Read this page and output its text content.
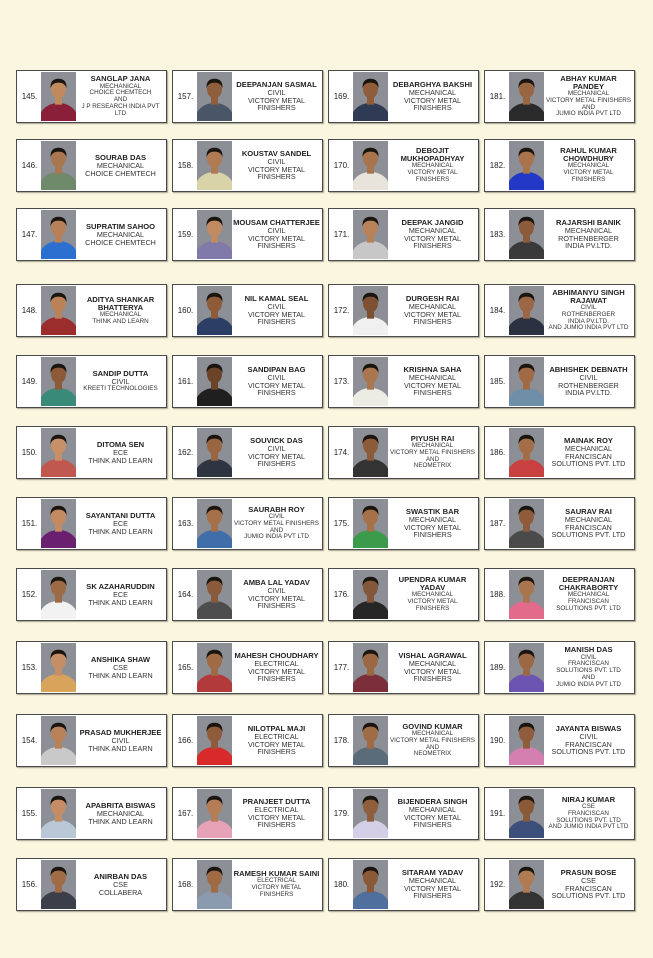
145.
SANGLAP JANA
MECHANICAL
CHOICE CHEMTECH
AND
J P RESEARCH INDIA PVT LTD
146.
SOURAB DAS
MECHANICAL
CHOICE CHEMTECH
147.
SUPRATIM SAHOO
MECHANICAL
CHOICE CHEMTECH
148.
ADITYA SHANKAR BHATTERYA
MECHANICAL
THINK AND LEARN
149.
SANDIP DUTTA
CIVIL
KREETI TECHNOLOGIES
150.
DITOMA SEN
ECE
THINK AND LEARN
151.
SAYANTANI DUTTA
ECE
THINK AND LEARN
152.
SK AZAHARUDDIN
ECE
THINK AND LEARN
153.
ANSHIKA SHAW
CSE
THINK AND LEARN
154.
PRASAD MUKHERJEE
CIVIL
THINK AND LEARN
155.
APABRITA BISWAS
MECHANICAL
THINK AND LEARN
156.
ANIRBAN DAS
CSE
COLLABERA
157.
DEEPANJAN SASMAL
CIVIL
VICTORY METAL
FINISHERS
158.
KOUSTAV SANDEL
CIVIL
VICTORY METAL
FINISHERS
159.
MOUSAM CHATTERJEE
CIVIL
VICTORY METAL
FINISHERS
160.
NIL KAMAL SEAL
CIVIL
VICTORY METAL
FINISHERS
161.
SANDIPAN BAG
CIVIL
VICTORY METAL
FINISHERS
162.
SOUVICK DAS
CIVIL
VICTORY METAL
FINISHERS
163.
SAURABH ROY
CIVIL
VICTORY METAL FINISHERS
AND
JUMIO INDIA PVT LTD
164.
AMBA LAL YADAV
CIVIL
VICTORY METAL
FINISHERS
165.
MAHESH CHOUDHARY
ELECTRICAL
VICTORY METAL
FINISHERS
166.
NILOTPAL MAJI
ELECTRICAL
VICTORY METAL
FINISHERS
167.
PRANJEET DUTTA
ELECTRICAL
VICTORY METAL
FINISHERS
168.
RAMESH KUMAR SAINI
ELECTRICAL
VICTORY METAL
FINISHERS
169.
DEBARGHYA BAKSHI
MECHANICAL
VICTORY METAL
FINISHERS
170.
DEBOJIT MUKHOPADHYAY
MECHANICAL
VICTORY METAL
FINISHERS
171.
DEEPAK JANGID
MECHANICAL
VICTORY METAL
FINISHERS
172.
DURGESH RAI
MECHANICAL
VICTORY METAL
FINISHERS
173.
KRISHNA SAHA
MECHANICAL
VICTORY METAL
FINISHERS
174.
PIYUSH RAI
MECHANICAL
VICTORY METAL FINISHERS
AND
NEOMETRIX
175.
SWASTIK BAR
MECHANICAL
VICTORY METAL
FINISHERS
176.
UPENDRA KUMAR YADAV
MECHANICAL
VICTORY METAL
FINISHERS
177.
VISHAL AGRAWAL
MECHANICAL
VICTORY METAL
FINISHERS
178.
GOVIND KUMAR
MECHANICAL
VICTORY METAL FINISHERS
AND
NEOMETRIX
179.
BIJENDERA SINGH
MECHANICAL
VICTORY METAL
FINISHERS
180.
SITARAM YADAV
MECHANICAL
VICTORY METAL
FINISHERS
181.
ABHAY KUMAR PANDEY
MECHANICAL
VICTORY METAL FINISHERS
AND
JUMIO INDIA PVT LTD
182.
RAHUL KUMAR CHOWDHURY
MECHANICAL
VICTORY METAL
FINISHERS
183.
RAJARSHI BANIK
MECHANICAL
ROTHENBERGER
INDIA PV.LTD.
184.
ABHIMANYU SINGH RAJAWAT
CIVIL
ROTHENBERGER
INDIA PV.LTD.
AND JUMIO INDIA PVT LTD
185.
ABHISHEK DEBNATH
CIVIL
ROTHENBERGER
INDIA PV.LTD.
186.
MAINAK ROY
MECHANICAL
FRANCISCAN
SOLUTIONS PVT. LTD
187.
SAURAV RAI
MECHANICAL
FRANCISCAN
SOLUTIONS PVT. LTD
188.
DEEPRANJAN CHAKRABORTY
MECHANICAL
FRANCISCAN
SOLUTIONS PVT. LTD
189.
MANISH DAS
CIVIL
FRANCISCAN
SOLUTIONS PVT. LTD
AND
JUMIO INDIA PVT LTD
190.
JAYANTA BISWAS
CIVIL
FRANCISCAN
SOLUTIONS PVT. LTD
191.
NIRAJ KUMAR
CSE
FRANCISCAN
SOLUTIONS PVT. LTD
AND JUMIO INDIA PVT LTD
192.
PRASUN BOSE
CSE
FRANCISCAN
SOLUTIONS PVT. LTD
